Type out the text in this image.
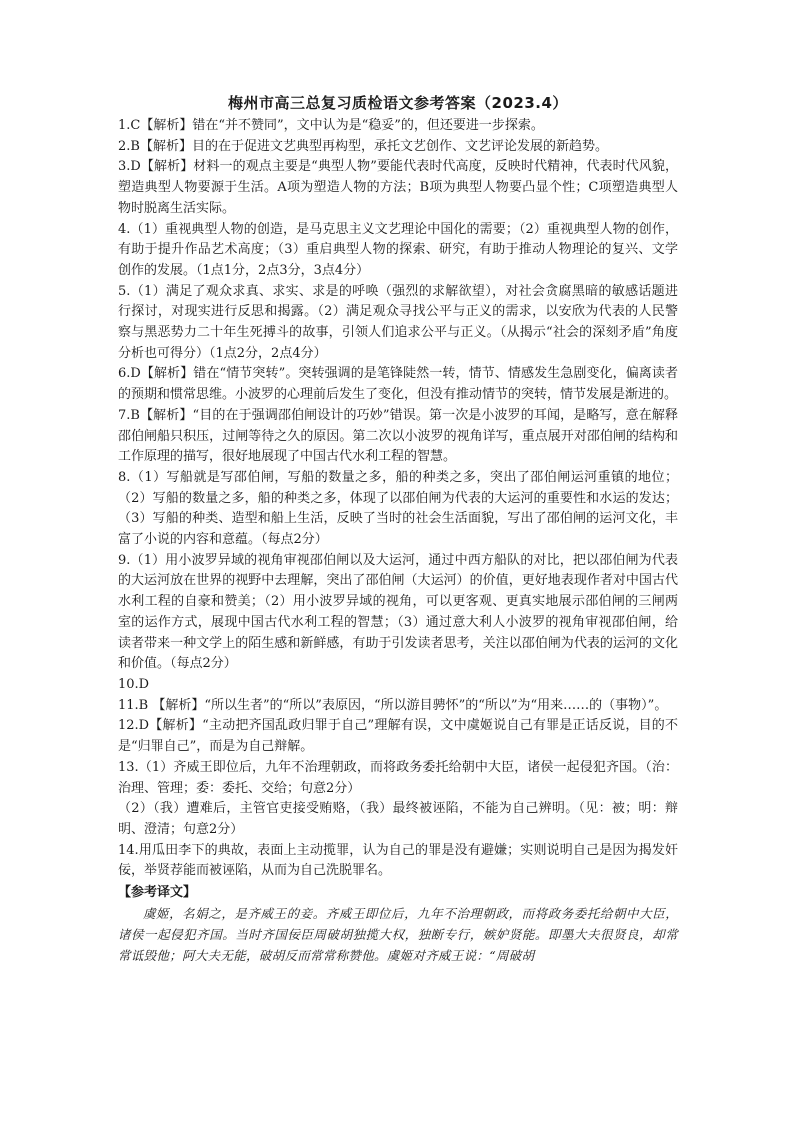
梅州市高三总复习质检语文参考答案（2023.4）

1.C【解析】错在“并不赞同”，文中认为是“稳妥”的，但还要进一步探索。

2.B【解析】目的在于促进文艺典型再构型，承托文艺创作、文艺评论发展的新趋势。

3.D【解析】材料一的观点主要是“典型人物”要能代表时代高度，反映时代精神，代表时代风貌，塑造典型人物要源于生活。A项为塑造人物的方法；B项为典型人物要凸显个性；C项塑造典型人物时脱离生活实际。

4.（1）重视典型人物的创造，是马克思主义文艺理论中国化的需要；（2）重视典型人物的创作，有助于提升作品艺术高度；（3）重启典型人物的探索、研究，有助于推动人物理论的复兴、文学创作的发展。（1点1分，2点3分，3点4分）

5.（1）满足了观众求真、求实、求是的呼唤（强烈的求解欲望），对社会贪腐黑暗的敏感话题进行探讨，对现实进行反思和揭露。（2）满足观众寻找公平与正义的需求，以安欣为代表的人民警察与黑恶势力二十年生死搏斗的故事，引领人们追求公平与正义。（从揭示“社会的深刻矛盾”角度分析也可得分）（1点2分，2点4分）

6.D【解析】错在“情节突转”。突转强调的是笔锋陡然一转，情节、情感发生急剧变化，偏离读者的预期和惯常思维。小波罗的心理前后发生了变化，但没有推动情节的突转，情节发展是渐进的。

7.B【解析】“目的在于强调邵伯闸设计的巧妙”错误。第一次是小波罗的耳闻，是略写，意在解释邵伯闸船只积压，过闸等待之久的原因。第二次以小波罗的视角详写，重点展开对邵伯闸的结构和工作原理的描写，很好地展现了中国古代水利工程的智慧。

8.（1）写船就是写邵伯闸，写船的数量之多，船的种类之多，突出了邵伯闸运河重镇的地位；（2）写船的数量之多，船的种类之多，体现了以邵伯闸为代表的大运河的重要性和水运的发达；（3）写船的种类、造型和船上生活，反映了当时的社会生活面貌，写出了邵伯闸的运河文化，丰富了小说的内容和意蕴。（每点2分）

9.（1）用小波罗异域的视角审视邵伯闸以及大运河，通过中西方船队的对比，把以邵伯闸为代表的大运河放在世界的视野中去理解，突出了邵伯闸（大运河）的价值，更好地表现作者对中国古代水利工程的自豪和赞美；（2）用小波罗异域的视角，可以更客观、更真实地展示邵伯闸的三闸两室的运作方式，展现中国古代水利工程的智慧；（3）通过意大利人小波罗的视角审视邵伯闸，给读者带来一种文学上的陌生感和新鲜感，有助于引发读者思考，关注以邵伯闸为代表的运河的文化和价值。（每点2分）

10.D

11.B 【解析】“所以生者”的“所以”表原因，“所以游目骋怀”的“所以”为“用来……的（事物）”。

12.D【解析】“主动把齐国乱政归罪于自己”理解有误，文中虞姬说自己有罪是正话反说，目的不是“归罪自己”，而是为自己辩解。

13.（1）齐威王即位后，九年不治理朝政，而将政务委托给朝中大臣，诸侯一起侵犯齐国。（治：治理、管理；委：委托、交给；句意2分）

（2）（我）遭难后，主管官吏接受贿赂，（我）最终被诬陷，不能为自己辨明。（见：被；明：辩明、澄清；句意2分）

14.用瓜田李下的典故，表面上主动揽罪，认为自己的罪是没有避嫌；实则说明自己是因为揭发奸佞，举贤荐能而被诬陷，从而为自己洗脱罪名。

【参考译文】

虞姬，名娟之，是齐威王的妾。齐威王即位后，九年不治理朝政，而将政务委托给朝中大臣，诸侯一起侵犯齐国。当时齐国佞臣周破胡独揽大权，独断专行，嫉妒贤能。即墨大夫很贤良，却常常诋毁他；阿大夫无能，破胡反而常常称赞他。虞姬对齐威王说：“周破胡
